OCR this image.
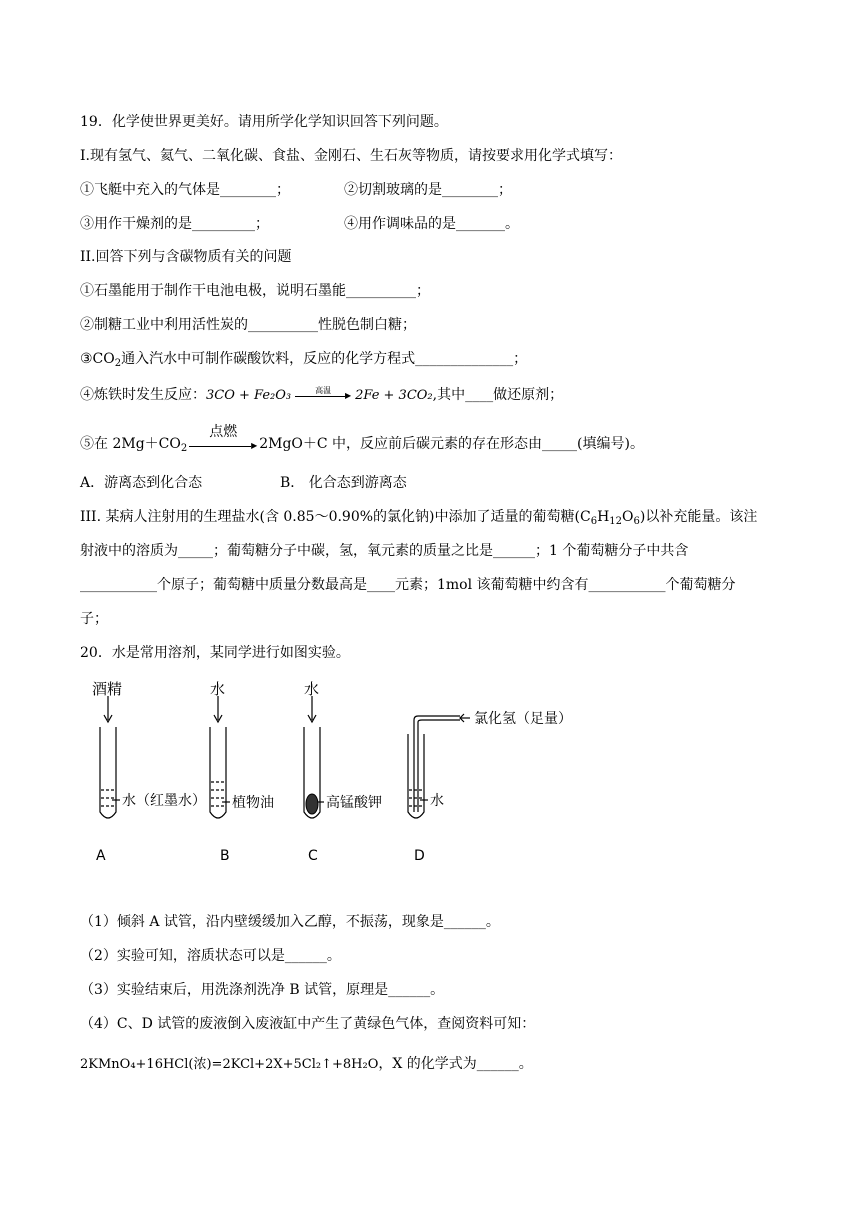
19．化学使世界更美好。请用所学化学知识回答下列问题。
I.现有氢气、氦气、二氧化碳、食盐、金刚石、生石灰等物质，请按要求用化学式填写：
①飞艇中充入的气体是________；	②切割玻璃的是________；
③用作干燥剂的是_________；	④用作调味品的是_______。
II.回答下列与含碳物质有关的问题
①石墨能用于制作干电池电极，说明石墨能__________；
②制糖工业中利用活性炭的__________性脱色制白糖；
$③CO_2$通入汽水中可制作碳酸饮料，反应的化学方程式______________；
④炼铁时发生反应：3CO + Fe₂O₃	高温
▶ 2Fe + 3CO₂,其中____做还原剂；
⑤在 $2Mg+CO_2$
点燃
▶ 2MgO＋C 中，反应前后碳元素的存在形态由_____(填编号)。
A．游离态到化合态	B． 化合态到游离态
III. 某病人注射用的生理盐水(含 0.85～0.90%的氯化钠)中添加了适量的葡萄糖$(C_6H_{12}O_6)$以补充能量。该注
射液中的溶质为_____；葡萄糖分子中碳，氢，氧元素的质量之比是______；1 个葡萄糖分子中共含
___________个原子；葡萄糖中质量分数最高是____元素；1mol 该葡萄糖中约含有___________个葡萄糖分
子；
20．水是常用溶剂，某同学进行如图实验。
酒精
水（红墨水）
水
植物油
水
高锰酸钾
氯化氢（足量）
水
A	B	C	D
（1）倾斜 A 试管，沿内壁缓缓加入乙醇，不振荡，现象是______。
（2）实验可知，溶质状态可以是______。
（3）实验结束后，用洗涤剂洗净 B 试管，原理是______。
（4）C、D 试管的废液倒入废液缸中产生了黄绿色气体，查阅资料可知：
2KMnO₄+16HCl(浓)=2KCl+2X+5Cl₂↑+8H₂O，X 的化学式为______。
